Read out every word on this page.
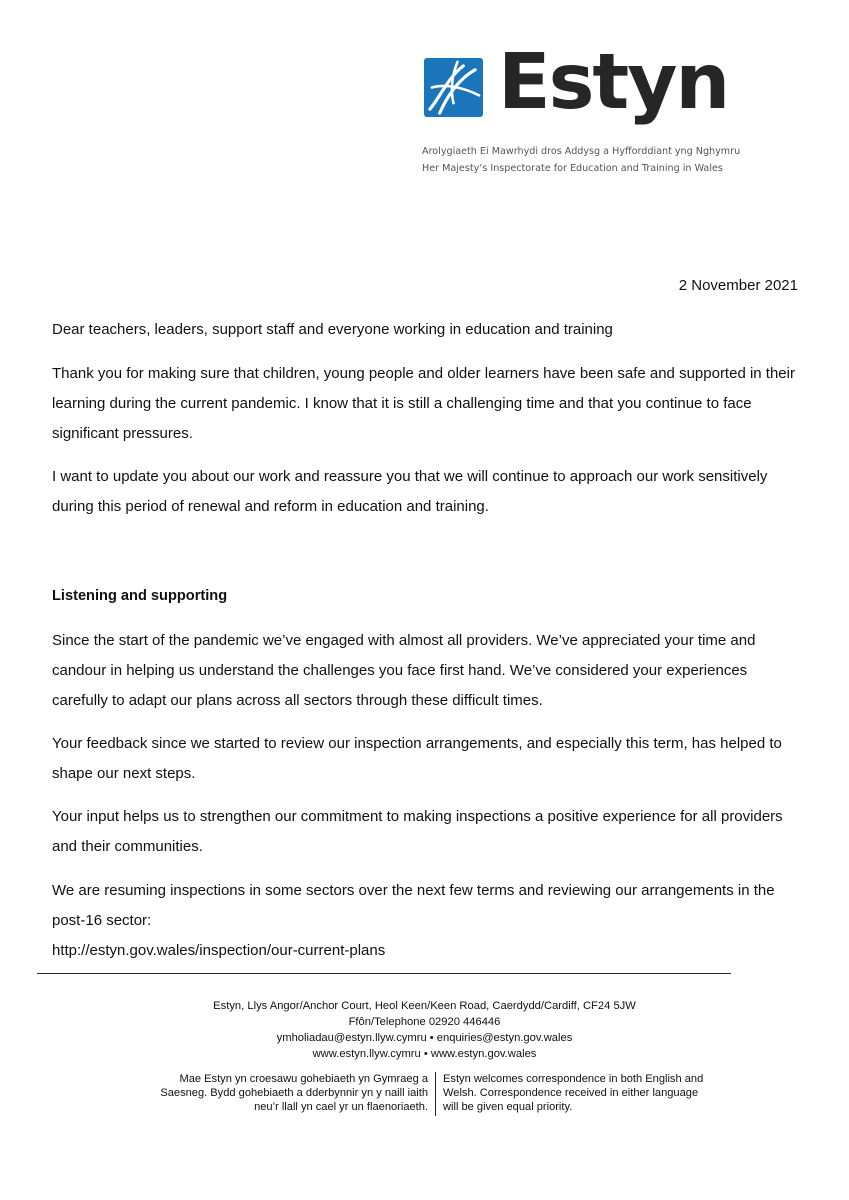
Estyn
Arolygiaeth Ei Mawrhydi dros Addysg a Hyfforddiant yng Nghymru
Her Majesty’s Inspectorate for Education and Training in Wales
2 November 2021

Dear teachers, leaders, support staff and everyone working in education and training

Thank you for making sure that children, young people and older learners have been safe and supported in their learning during the current pandemic. I know that it is still a challenging time and that you continue to face significant pressures.

I want to update you about our work and reassure you that we will continue to approach our work sensitively during this period of renewal and reform in education and training.

Listening and supporting

Since the start of the pandemic we’ve engaged with almost all providers. We’ve appreciated your time and candour in helping us understand the challenges you face first hand. We’ve considered your experiences carefully to adapt our plans across all sectors through these difficult times.

Your feedback since we started to review our inspection arrangements, and especially this term, has helped to shape our next steps.

Your input helps us to strengthen our commitment to making inspections a positive experience for all providers and their communities.

We are resuming inspections in some sectors over the next few terms and reviewing our arrangements in the post-16 sector:

http://estyn.gov.wales/inspection/our-current-plans
Estyn, Llys Angor/Anchor Court, Heol Keen/Keen Road, Caerdydd/Cardiff, CF24 5JW
Ffôn/Telephone 02920 446446
ymholiadau@estyn.llyw.cymru • enquiries@estyn.gov.wales
www.estyn.llyw.cymru • www.estyn.gov.wales
Mae Estyn yn croesawu gohebiaeth yn Gymraeg a Saesneg. Bydd gohebiaeth a dderbynnir yn y naill iaith neu’r llall yn cael yr un flaenoriaeth.
Estyn welcomes correspondence in both English and Welsh. Correspondence received in either language will be given equal priority.
